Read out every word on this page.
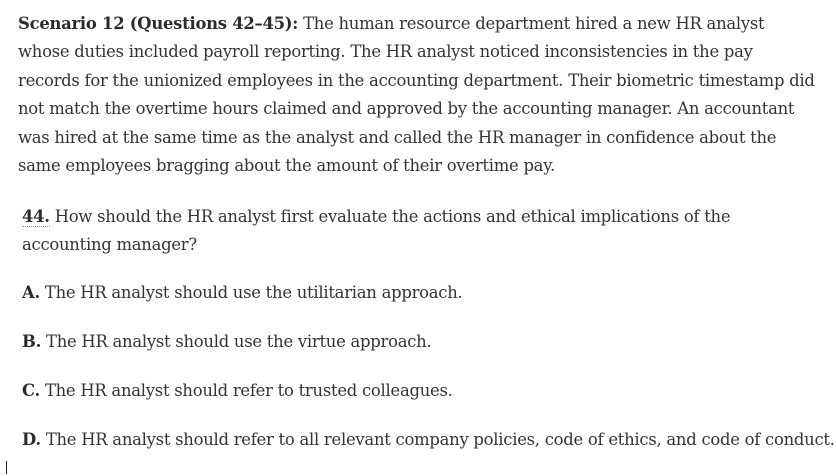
Scenario 12 (Questions 42–45): The human resource department hired a new HR analyst whose duties included payroll reporting. The HR analyst noticed inconsistencies in the pay records for the unionized employees in the accounting department. Their biometric timestamp did not match the overtime hours claimed and approved by the accounting manager. An accountant was hired at the same time as the analyst and called the HR manager in confidence about the same employees bragging about the amount of their overtime pay.

44. How should the HR analyst first evaluate the actions and ethical implications of the accounting manager?

A. The HR analyst should use the utilitarian approach.

B. The HR analyst should use the virtue approach.

C. The HR analyst should refer to trusted colleagues.

D. The HR analyst should refer to all relevant company policies, code of ethics, and code of conduct.
